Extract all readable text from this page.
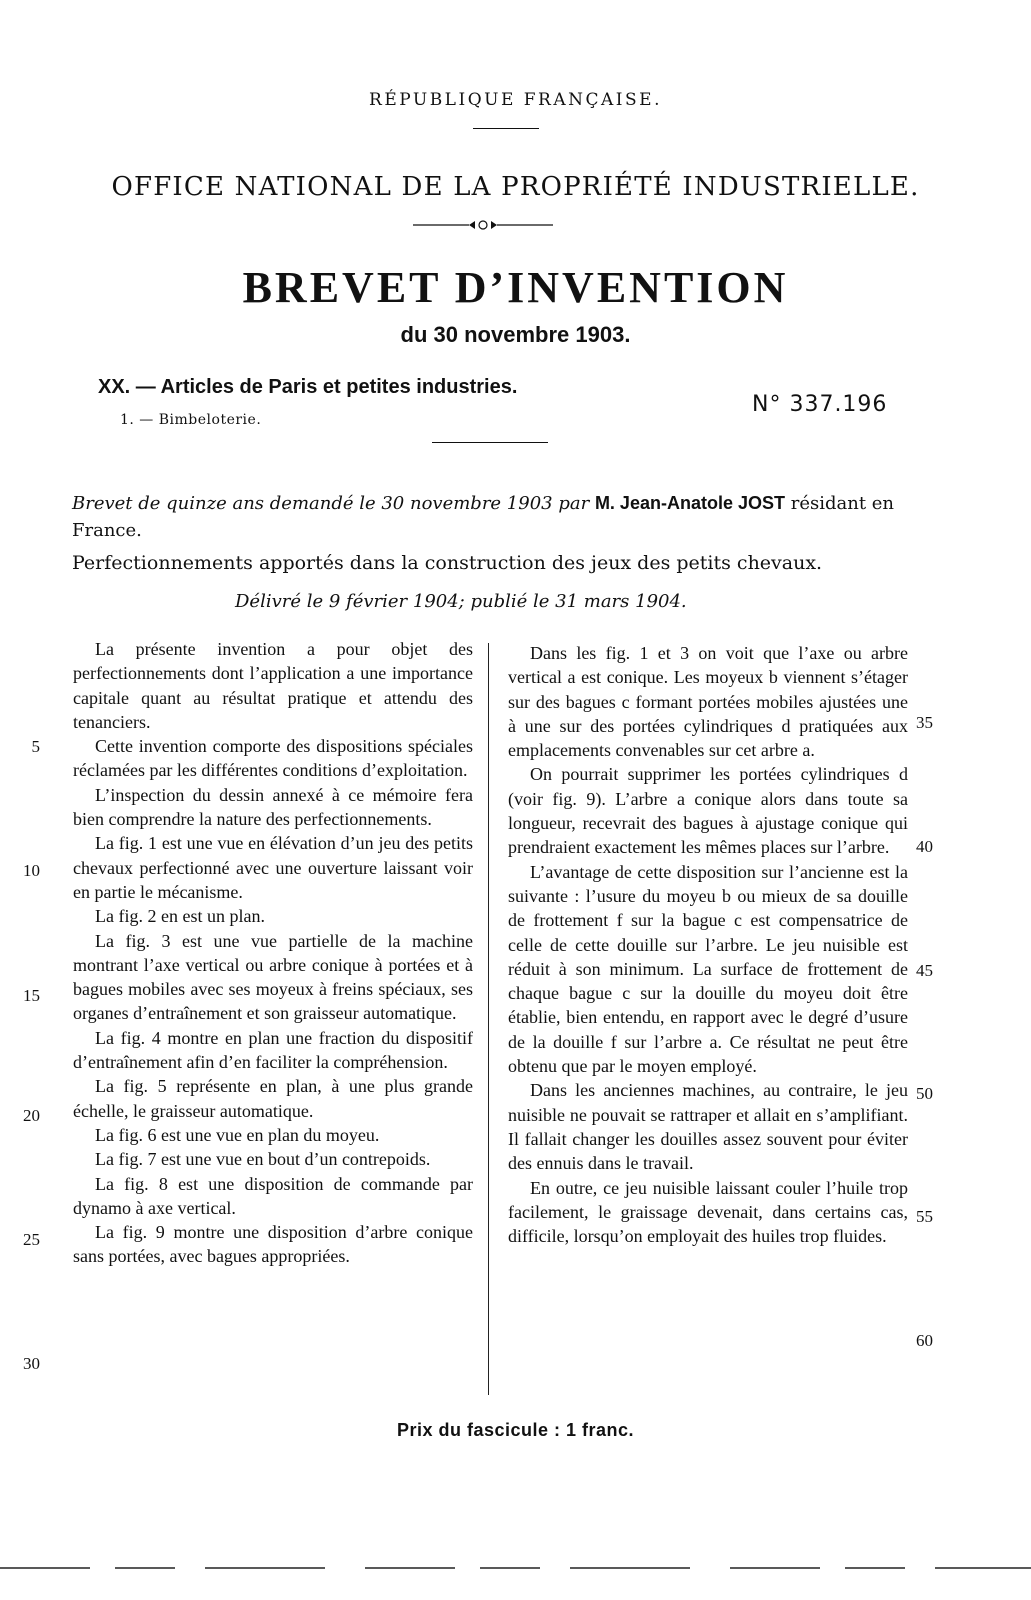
RÉPUBLIQUE FRANÇAISE.
OFFICE NATIONAL DE LA PROPRIÉTÉ INDUSTRIELLE.
BREVET D’INVENTION
du 30 novembre 1903.
XX. — Articles de Paris et petites industries.
1. — Bimbeloterie.
N° 337.196
Brevet de quinze ans demandé le 30 novembre 1903 par M. Jean-Anatole JOST résidant en France.
Perfectionnements apportés dans la construction des jeux des petits chevaux.
Délivré le 9 février 1904; publié le 31 mars 1904.

La présente invention a pour objet des perfectionnements dont l’application a une importance capitale quant au résultat pratique et attendu des tenanciers.

Cette invention comporte des dispositions spéciales réclamées par les différentes conditions d’exploitation.

L’inspection du dessin annexé à ce mémoire fera bien comprendre la nature des perfectionnements.

La fig. 1 est une vue en élévation d’un jeu des petits chevaux perfectionné avec une ouverture laissant voir en partie le mécanisme.

La fig. 2 en est un plan.

La fig. 3 est une vue partielle de la machine montrant l’axe vertical ou arbre conique à portées et à bagues mobiles avec ses moyeux à freins spéciaux, ses organes d’entraînement et son graisseur automatique.

La fig. 4 montre en plan une fraction du dispositif d’entraînement afin d’en faciliter la compréhension.

La fig. 5 représente en plan, à une plus grande échelle, le graisseur automatique.

La fig. 6 est une vue en plan du moyeu.

La fig. 7 est une vue en bout d’un contrepoids.

La fig. 8 est une disposition de commande par dynamo à axe vertical.

La fig. 9 montre une disposition d’arbre conique sans portées, avec bagues appropriées.

Dans les fig. 1 et 3 on voit que l’axe ou arbre vertical a est conique. Les moyeux b viennent s’étager sur des bagues c formant portées mobiles ajustées une à une sur des portées cylindriques d pratiquées aux emplacements convenables sur cet arbre a.

On pourrait supprimer les portées cylindriques d (voir fig. 9). L’arbre a conique alors dans toute sa longueur, recevrait des bagues à ajustage conique qui prendraient exactement les mêmes places sur l’arbre.

L’avantage de cette disposition sur l’ancienne est la suivante : l’usure du moyeu b ou mieux de sa douille de frottement f sur la bague c est compensatrice de celle de cette douille sur l’arbre. Le jeu nuisible est réduit à son minimum. La surface de frottement de chaque bague c sur la douille du moyeu doit être établie, bien entendu, en rapport avec le degré d’usure de la douille f sur l’arbre a. Ce résultat ne peut être obtenu que par le moyen employé.

Dans les anciennes machines, au contraire, le jeu nuisible ne pouvait se rattraper et allait en s’amplifiant. Il fallait changer les douilles assez souvent pour éviter des ennuis dans le travail.

En outre, ce jeu nuisible laissant couler l’huile trop facilement, le graissage devenait, dans certains cas, difficile, lorsqu’on employait des huiles trop fluides.

5
10
15
20
25
30
35
40
45
50
55
60
Prix du fascicule : 1 franc.
